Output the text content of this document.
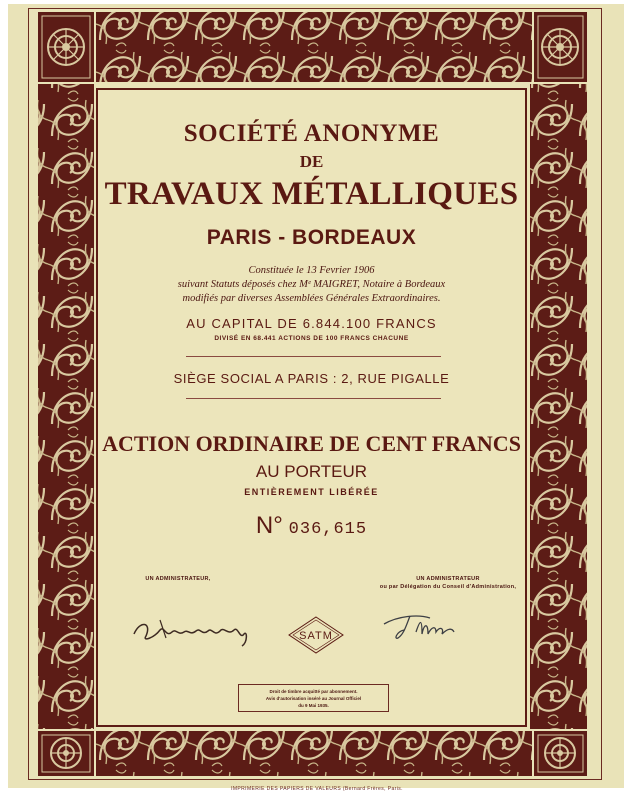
SOCIÉTÉ ANONYME
DE
TRAVAUX MÉTALLIQUES
PARIS - BORDEAUX
Constituée le 13 Fevrier 1906
suivant Statuts déposés chez Mᵉ MAIGRET, Notaire à Bordeaux
modifiés par diverses Assemblées Générales Extraordinaires.
AU CAPITAL DE 6.844.100 FRANCS
DIVISÉ EN 68.441 ACTIONS DE 100 FRANCS CHACUNE
SIÈGE SOCIAL A PARIS : 2, RUE PIGALLE
ACTION ORDINAIRE DE CENT FRANCS
AU PORTEUR
ENTIÈREMENT LIBÉRÉE
N° 036,615
UN ADMINISTRATEUR,	UN ADMINISTRATEUR
ou par Délégation du Conseil d'Administration,
SATM
Droit de timbre acquitté par abonnement.
Avis d'autorisation inséré au Journal Officiel
du 9 Mai 1935.
IMPRIMERIE DES PAPIERS DE VALEURS (Bernard Frères, Paris.
